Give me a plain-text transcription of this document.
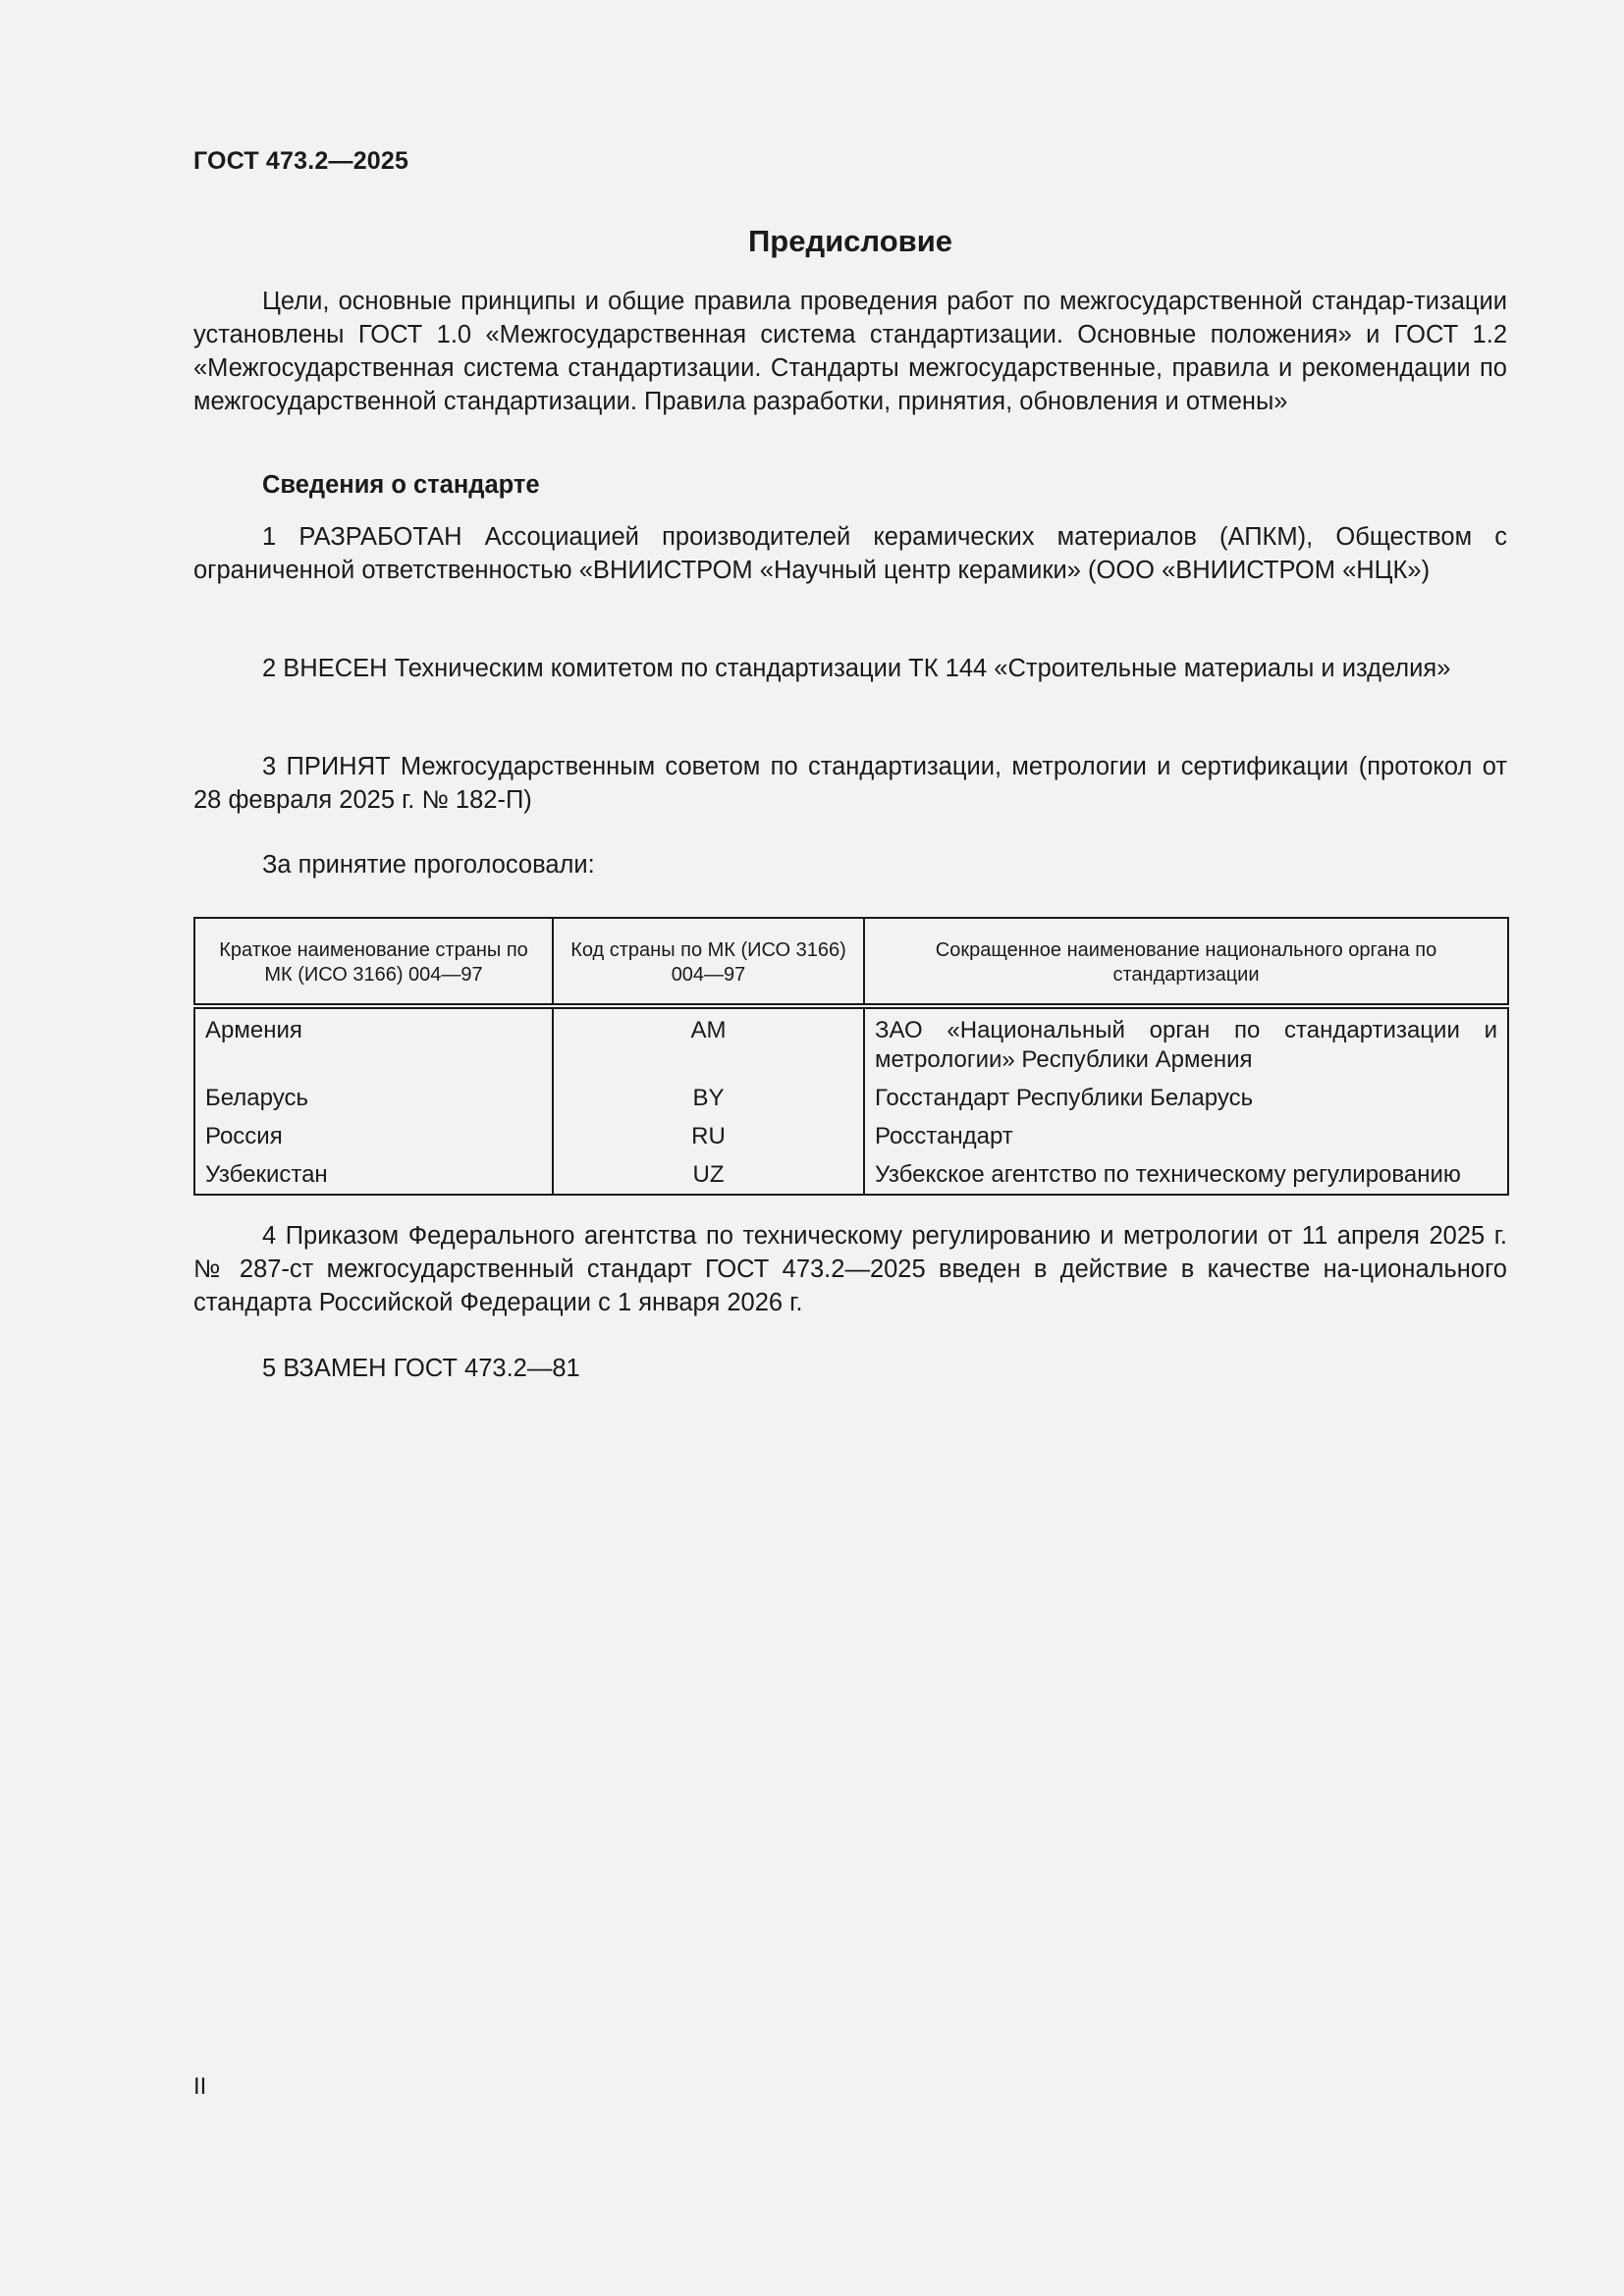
ГОСТ 473.2—2025
Предисловие

Цели, основные принципы и общие правила проведения работ по межгосударственной стандар-тизации установлены ГОСТ 1.0 «Межгосударственная система стандартизации. Основные положения» и ГОСТ 1.2 «Межгосударственная система стандартизации. Стандарты межгосударственные, правила и рекомендации по межгосударственной стандартизации. Правила разработки, принятия, обновления и отмены»

Сведения о стандарте

1 РАЗРАБОТАН Ассоциацией производителей керамических материалов (АПКМ), Обществом с ограниченной ответственностью «ВНИИСТРОМ «Научный центр керамики» (ООО «ВНИИСТРОМ «НЦК»)

2 ВНЕСЕН Техническим комитетом по стандартизации ТК 144 «Строительные материалы и изделия»

3 ПРИНЯТ Межгосударственным советом по стандартизации, метрологии и сертификации (протокол от 28 февраля 2025 г. № 182-П)

За принятие проголосовали:

Краткое наименование страны по МК (ИСО 3166) 004—97	Код страны по МК (ИСО 3166) 004—97	Сокращенное наименование национального органа по стандартизации
Армения	AM	ЗАО «Национальный орган по стандартизации и метрологии» Республики Армения
Беларусь	BY	Госстандарт Республики Беларусь
Россия	RU	Росстандарт
Узбекистан	UZ	Узбекское агентство по техническому регулированию

4 Приказом Федерального агентства по техническому регулированию и метрологии от 11 апреля 2025 г. № 287-ст межгосударственный стандарт ГОСТ 473.2—2025 введен в действие в качестве на-ционального стандарта Российской Федерации с 1 января 2026 г.

5 ВЗАМЕН ГОСТ 473.2—81

II
